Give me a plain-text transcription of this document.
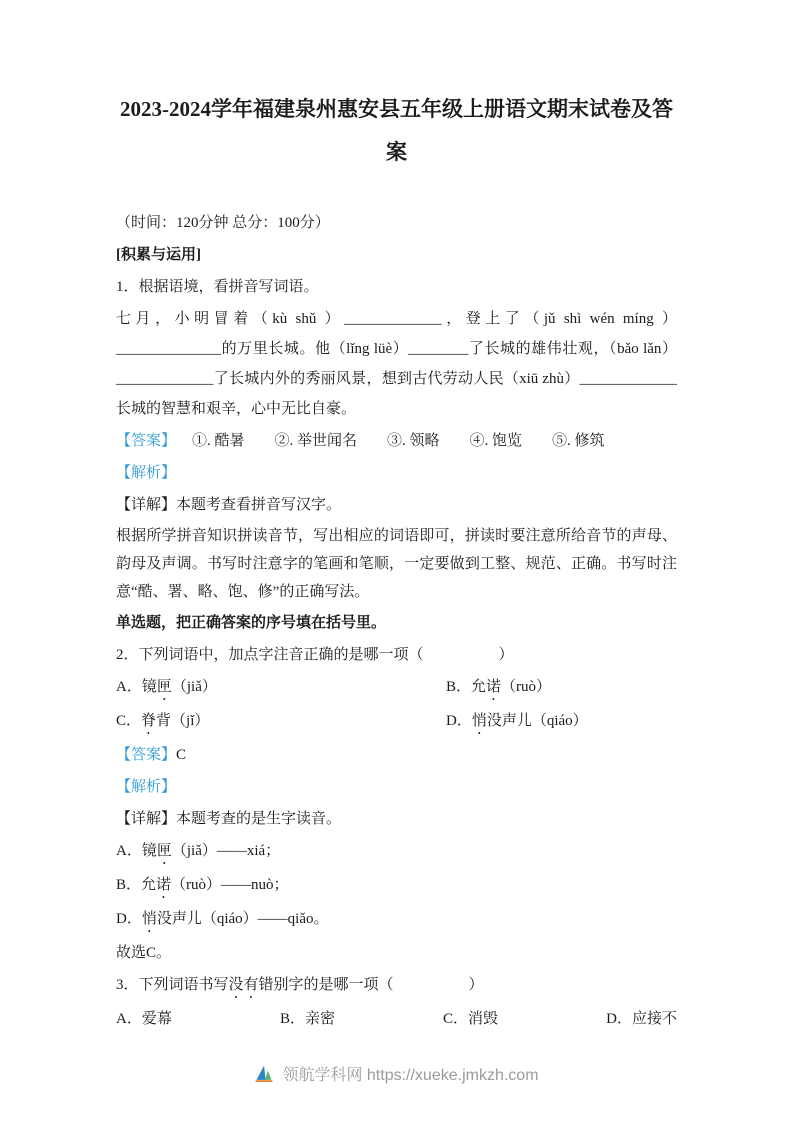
2023-2024学年福建泉州惠安县五年级上册语文期末试卷及答案

（时间：120分钟 总分：100分）

[积累与运用]

1．根据语境，看拼音写词语。

七月，小明冒着（kù shǔ ）_____________，登上了（jǔ shì wén míng ）______________的万里长城。他（lǐng lüè）________了长城的雄伟壮观，（bǎo lǎn）_____________了长城内外的秀丽风景，想到古代劳动人民（xiū zhù）_____________长城的智慧和艰辛，心中无比自豪。

【答案】 ①. 酷暑　　②. 举世闻名　　③. 领略　　④. 饱览　　⑤. 修筑

【解析】

【详解】本题考查看拼音写汉字。

根据所学拼音知识拼读音节，写出相应的词语即可，拼读时要注意所给音节的声母、韵母及声调。书写时注意字的笔画和笔顺，一定要做到工整、规范、正确。书写时注意“酷、署、略、饱、修”的正确写法。

单选题，把正确答案的序号填在括号里。

2．下列词语中，加点字注音正确的是哪一项（　　　　　）

A．镜匣（jiǎ）	B．允诺（ruò）
C．脊背（jǐ）	D．悄没声儿（qiáo）

【答案】C

【解析】

【详解】本题考查的是生字读音。

A．镜匣（jiǎ）——xiá；

B．允诺（ruò）——nuò；

D．悄没声儿（qiáo）——qiǎo。

故选C。

3．下列词语书写没有错别字的是哪一项（　　　　　）

A．爱幕	B．亲密	C．消毁	D．应接不
领航学科网 https://xueke.jmkzh.com
